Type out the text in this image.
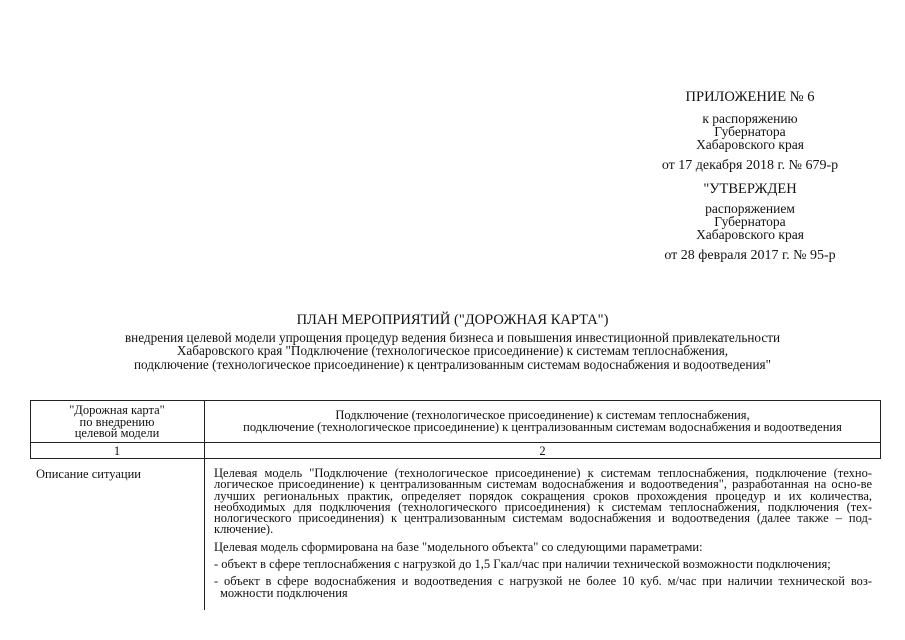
ПРИЛОЖЕНИЕ № 6
к распоряжению
Губернатора
Хабаровского края
от 17 декабря 2018 г. № 679-р
"УТВЕРЖДЕН
распоряжением
Губернатора
Хабаровского края
от 28 февраля 2017 г. № 95-р
ПЛАН МЕРОПРИЯТИЙ ("ДОРОЖНАЯ КАРТА")
внедрения целевой модели упрощения процедур ведения бизнеса и повышения инвестиционной привлекательности
Хабаровского края "Подключение (технологическое присоединение) к системам теплоснабжения,
подключение (технологическое присоединение) к централизованным системам водоснабжения и водоотведения"
"Дорожная карта"
по внедрению
целевой модели
Подключение (технологическое присоединение) к системам теплоснабжения,
подключение (технологическое присоединение) к централизованным системам водоснабжения и водоотведения
1	2
Описание ситуации	Целевая модель "Подключение (технологическое присоединение) к системам теплоснабжения, подключение (техно-логическое присоединение) к централизованным системам водоснабжения и водоотведения", разработанная на осно-ве лучших региональных практик, определяет порядок сокращения сроков прохождения процедур и их количества, необходимых для подключения (технологического присоединения) к системам теплоснабжения, подключения (тех-нологического присоединения) к централизованным системам водоснабжения и водоотведения (далее также – под-ключение).

Целевая модель сформирована на базе "модельного объекта" со следующими параметрами:

- объект в сфере теплоснабжения с нагрузкой до 1,5 Гкал/час при наличии технической возможности подключения;

- объект в сфере водоснабжения и водоотведения с нагрузкой не более 10 куб. м/час при наличии технической воз-можности подключения
